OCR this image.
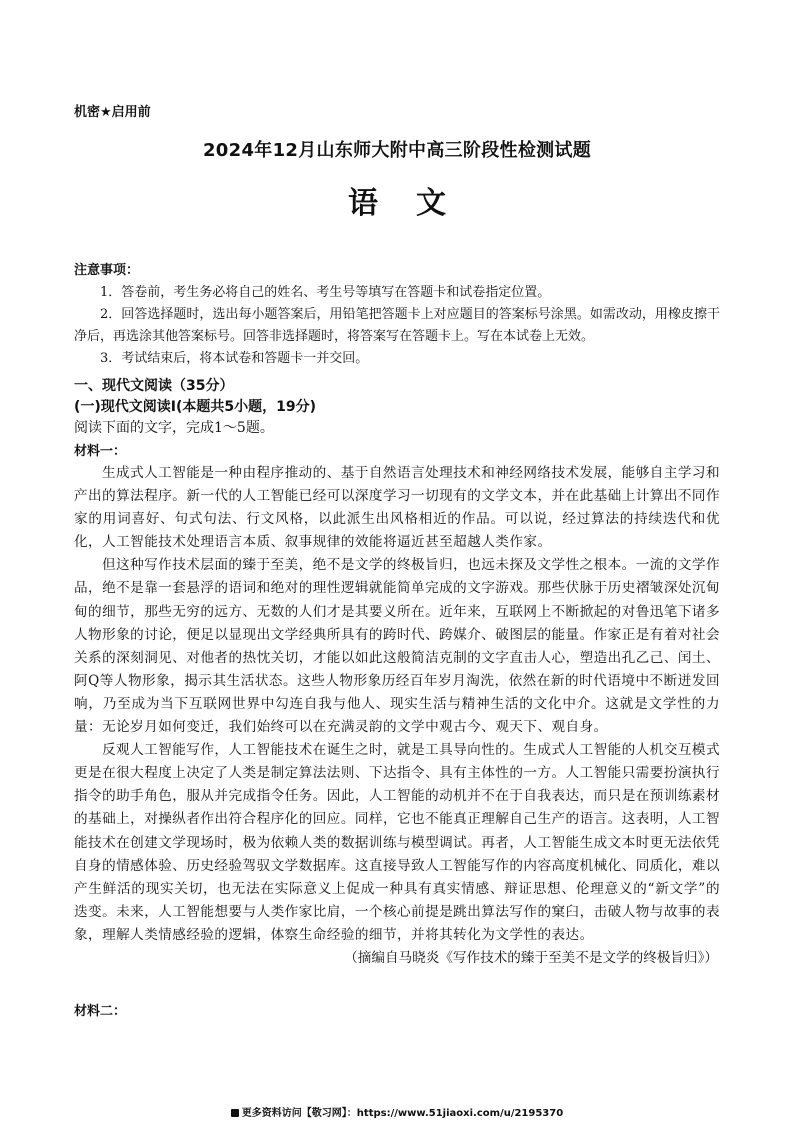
机密★启用前
2024年12月山东师大附中高三阶段性检测试题
语文
注意事项：

1．答卷前，考生务必将自己的姓名、考生号等填写在答题卡和试卷指定位置。

2．回答选择题时，选出每小题答案后，用铅笔把答题卡上对应题目的答案标号涂黑。如需改动，用橡皮擦干净后，再选涂其他答案标号。回答非选择题时，将答案写在答题卡上。写在本试卷上无效。

3．考试结束后，将本试卷和答题卡一并交回。

一、现代文阅读（35分）
(一)现代文阅读Ⅰ(本题共5小题，19分)
阅读下面的文字，完成1～5题。
材料一：

生成式人工智能是一种由程序推动的、基于自然语言处理技术和神经网络技术发展，能够自主学习和产出的算法程序。新一代的人工智能已经可以深度学习一切现有的文学文本，并在此基础上计算出不同作家的用词喜好、句式句法、行文风格，以此派生出风格相近的作品。可以说，经过算法的持续迭代和优化，人工智能技术处理语言本质、叙事规律的效能将逼近甚至超越人类作家。

但这种写作技术层面的臻于至美，绝不是文学的终极旨归，也远未探及文学性之根本。一流的文学作品，绝不是靠一套悬浮的语词和绝对的理性逻辑就能简单完成的文字游戏。那些伏脉于历史褶皱深处沉甸甸的细节，那些无穷的远方、无数的人们才是其要义所在。近年来，互联网上不断掀起的对鲁迅笔下诸多人物形象的讨论，便足以显现出文学经典所具有的跨时代、跨媒介、破图层的能量。作家正是有着对社会关系的深刻洞见、对他者的热忱关切，才能以如此这般简洁克制的文字直击人心，塑造出孔乙己、闰土、阿Q等人物形象，揭示其生活状态。这些人物形象历经百年岁月淘洗，依然在新的时代语境中不断迸发回响，乃至成为当下互联网世界中勾连自我与他人、现实生活与精神生活的文化中介。这就是文学性的力量：无论岁月如何变迁，我们始终可以在充满灵韵的文学中观古今、观天下、观自身。

反观人工智能写作，人工智能技术在诞生之时，就是工具导向性的。生成式人工智能的人机交互模式更是在很大程度上决定了人类是制定算法法则、下达指令、具有主体性的一方。人工智能只需要扮演执行指令的助手角色，服从并完成指令任务。因此，人工智能的动机并不在于自我表达，而只是在预训练素材的基础上，对操纵者作出符合程序化的回应。同样，它也不能真正理解自己生产的语言。这表明，人工智能技术在创建文学现场时，极为依赖人类的数据训练与模型调试。再者，人工智能生成文本时更无法依凭自身的情感体验、历史经验驾驭文学数据库。这直接导致人工智能写作的内容高度机械化、同质化，难以产生鲜活的现实关切，也无法在实际意义上促成一种具有真实情感、辩证思想、伦理意义的“新文学”的迭变。未来，人工智能想要与人类作家比肩，一个核心前提是跳出算法写作的窠臼，击破人物与故事的表象，理解人类情感经验的逻辑，体察生命经验的细节，并将其转化为文学性的表达。

（摘编自马晓炎《写作技术的臻于至美不是文学的终极旨归》）
材料二：
更多资料访问【敬习网】：https://www.51jiaoxi.com/u/2195370
